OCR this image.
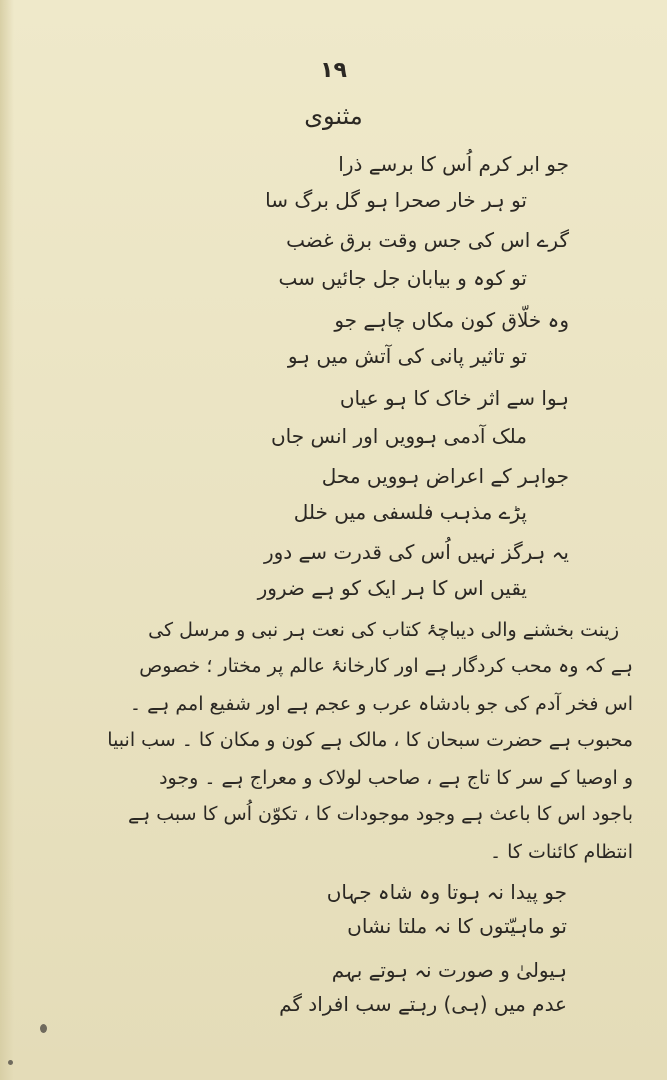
۱۹
مثنوی
جو ابر کرم اُس کا برسے ذرا
تو ہر خار صحرا ہو گل برگ سا
گرے اس کی جس وقت برق غضب
تو کوہ و بیابان جل جائیں سب
وہ خلّاق کون مکاں چاہے جو
تو تاثیر پانی کی آتش میں ہو
ہوا سے اثر خاک کا ہو عیاں
ملک آدمی ہوویں اور انس جاں
جواہر کے اعراض ہوویں محل
پڑے مذہب فلسفی میں خلل
یہ ہرگز نہیں اُس کی قدرت سے دور
یقیں اس کا ہر ایک کو ہے ضرور
زینت بخشنے والی دیباچۂ کتاب کی نعت ہر نبی و مرسل کی
ہے کہ وہ محب کردگار ہے اور کارخانۂ عالم پر مختار ؛ خصوص
اس فخر آدم کی جو بادشاہ عرب و عجم ہے اور شفیع امم ہے ۔
محبوب ہے حضرت سبحان کا ، مالک ہے کون و مکان کا ۔ سب انبیا
و اوصیا کے سر کا تاج ہے ، صاحب لولاک و معراج ہے ۔ وجود
باجود اس کا باعث ہے وجود موجودات کا ، تکوّن اُس کا سبب ہے
انتظام کائنات کا ۔
جو پیدا نہ ہوتا وہ شاہ جہاں
تو ماہیّتوں کا نہ ملتا نشاں
ہیولیٰ و صورت نہ ہوتے بہم
عدم میں (ہی) رہتے سب افراد گم
